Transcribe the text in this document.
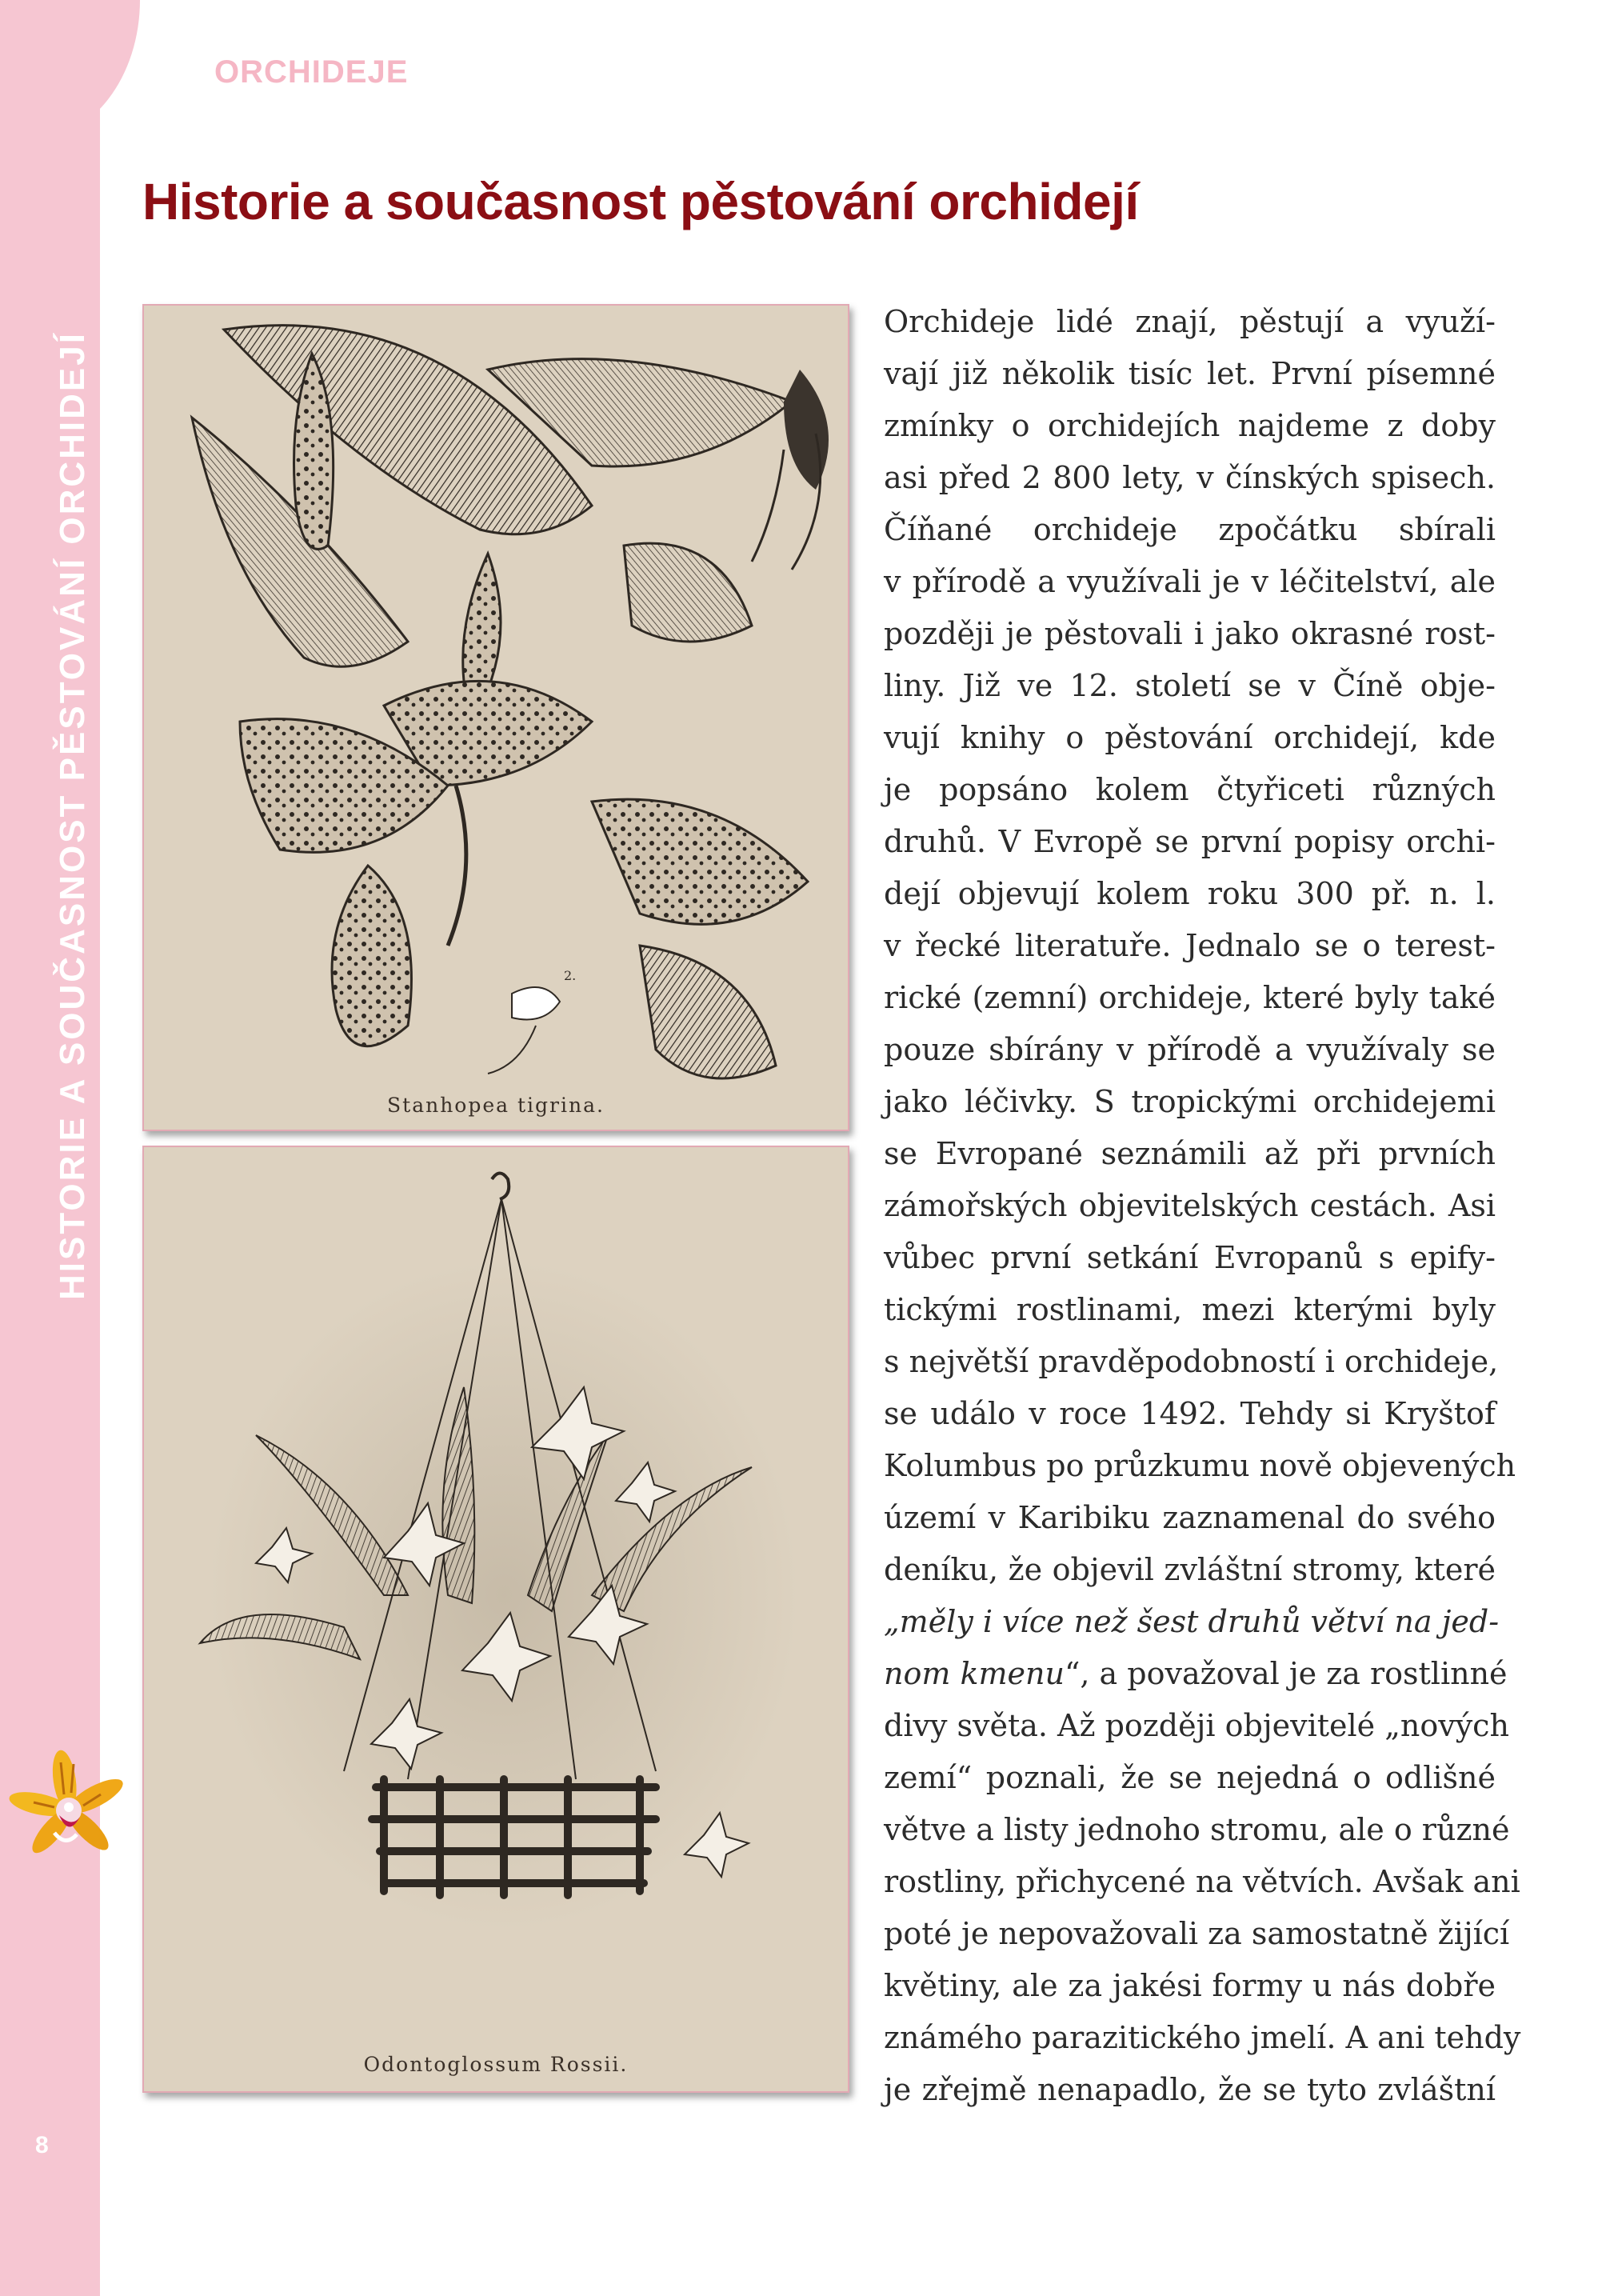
HISTORIE A SOUČASNOST PĚSTOVÁNÍ ORCHIDEJÍ
8
ORCHIDEJE
Historie a současnost pěstování orchidejí
2.
Stanhopea tigrina.
Odontoglossum Rossii.

Orchideje lidé znají, pěstují a využí-
vají již několik tisíc let. První písemné
zmínky o orchidejích najdeme z doby
asi před 2 800 lety, v čínských spisech.
Číňané orchideje zpočátku sbírali
v přírodě a využívali je v léčitelství, ale
později je pěstovali i jako okrasné rost-
liny. Již ve 12. století se v Číně obje-
vují knihy o pěstování orchidejí, kde
je popsáno kolem čtyřiceti různých
druhů. V Evropě se první popisy orchi-
dejí objevují kolem roku 300 př. n. l.
v řecké literatuře. Jednalo se o terest-
rické (zemní) orchideje, které byly také
pouze sbírány v přírodě a využívaly se
jako léčivky. S tropickými orchidejemi
se Evropané seznámili až při prvních
zámořských objevitelských cestách. Asi
vůbec první setkání Evropanů s epify-
tickými rostlinami, mezi kterými byly
s největší pravděpodobností i orchideje,
se událo v roce 1492. Tehdy si Kryštof
Kolumbus po průzkumu nově objevených
území v Karibiku zaznamenal do svého
deníku, že objevil zvláštní stromy, které
„měly i více než šest druhů větví na jed-
nom kmenu“, a považoval je za rostlinné
divy světa. Až později objevitelé „nových
zemí“ poznali, že se nejedná o odlišné
větve a listy jednoho stromu, ale o různé
rostliny, přichycené na větvích. Avšak ani
poté je nepovažovali za samostatně žijící
květiny, ale za jakési formy u nás dobře
známého parazitického jmelí. A ani tehdy
je zřejmě nenapadlo, že se tyto zvláštní
